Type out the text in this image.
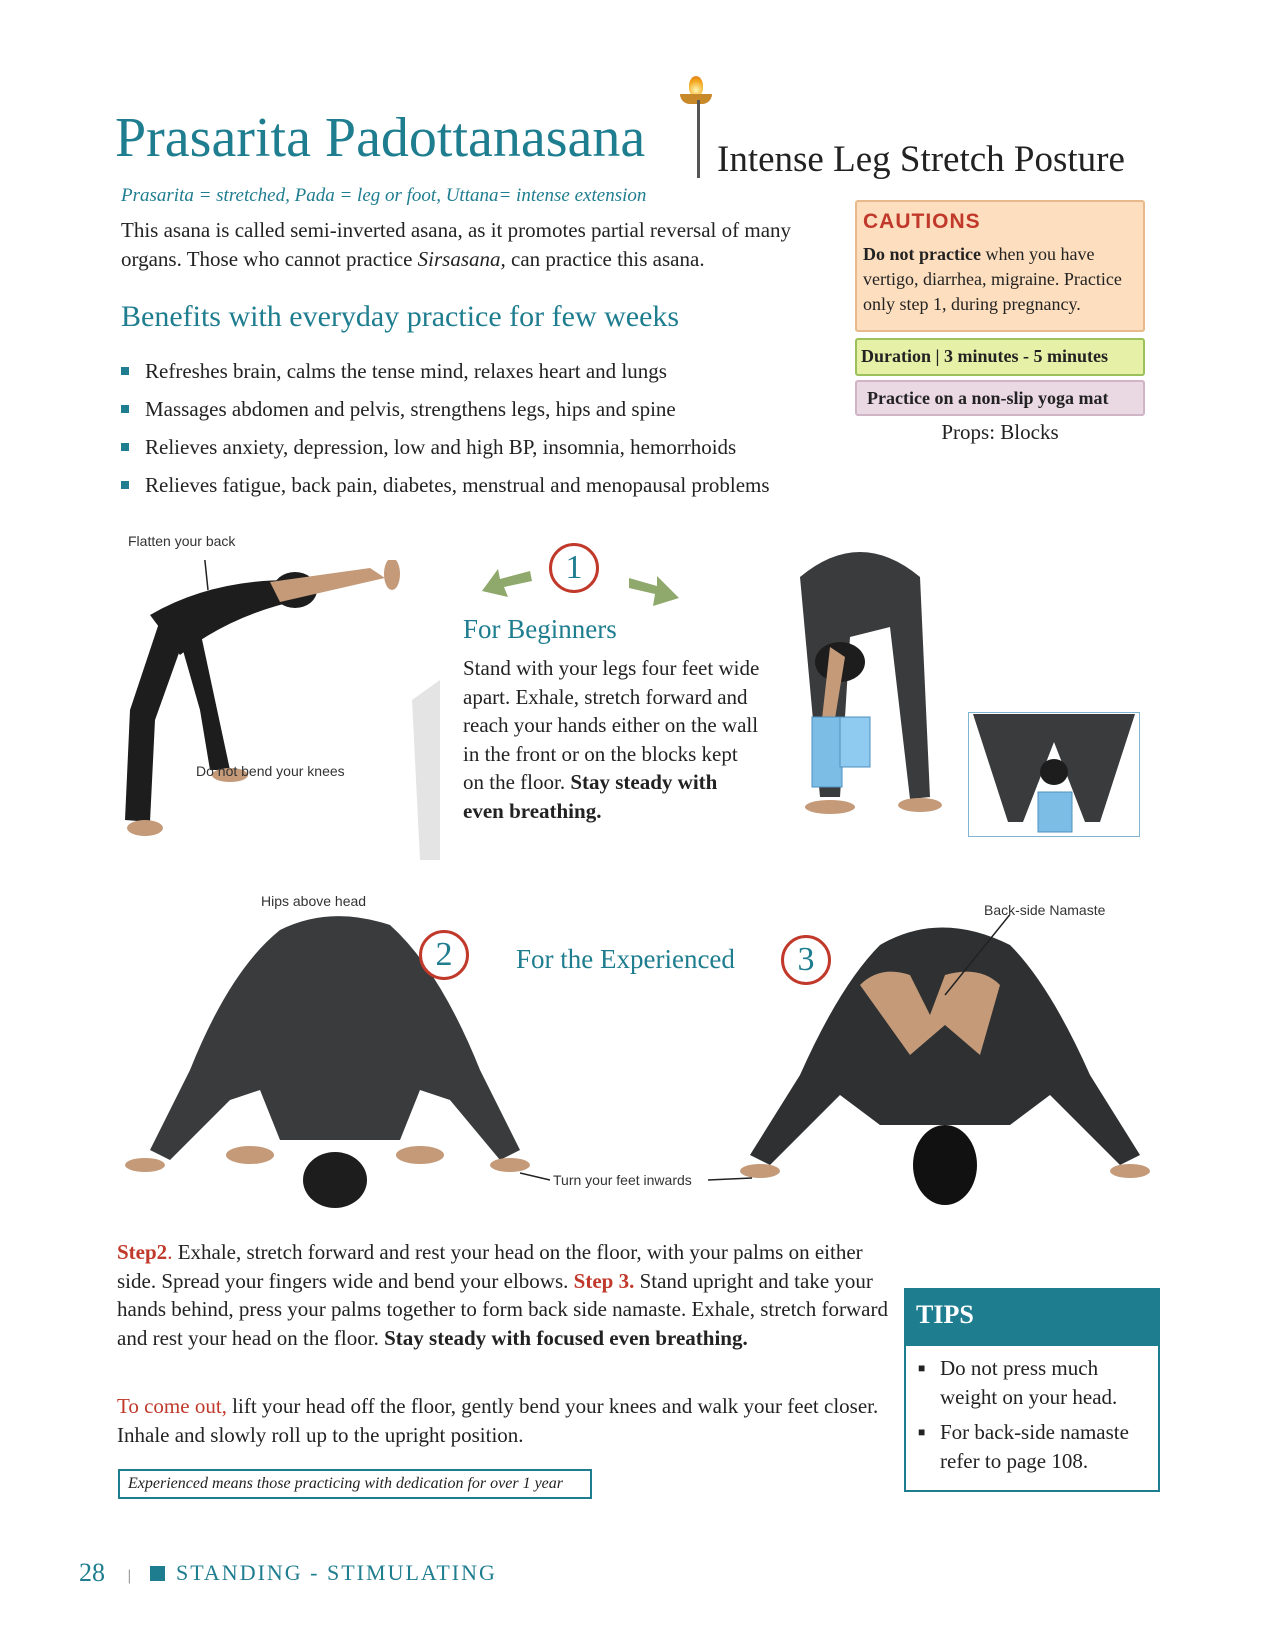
Prasarita Padottanasana Intense Leg Stretch Posture
Prasarita = stretched, Pada = leg or foot, Uttana= intense extension
This asana is called semi-inverted asana, as it promotes partial reversal of many organs. Those who cannot practice Sirsasana, can practice this asana.
Benefits with everyday practice for few weeks
Refreshes brain, calms the tense mind, relaxes heart and lungs
Massages abdomen and pelvis, strengthens legs, hips and spine
Relieves anxiety, depression, low and high BP, insomnia, hemorrhoids
Relieves fatigue, back pain, diabetes, menstrual and menopausal problems
CAUTIONS
Do not practice when you have vertigo, diarrhea, migraine. Practice only step 1, during pregnancy.
Duration | 3 minutes - 5 minutes
Practice on a non-slip yoga mat
Props: Blocks
Flatten your back
Do not bend your knees
1
For Beginners
Stand with your legs four feet wide apart. Exhale, stretch forward and reach your hands either on the wall in the front or on the blocks kept on the floor. Stay steady with even breathing.
Hips above head
2	For the Experienced	3
Back-side Namaste
Turn your feet inwards
Step2. Exhale, stretch forward and rest your head on the floor, with your palms on either side. Spread your fingers wide and bend your elbows. Step 3. Stand upright and take your hands behind, press your palms together to form back side namaste. Exhale, stretch forward and rest your head on the floor. Stay steady with focused even breathing.
To come out, lift your head off the floor, gently bend your knees and walk your feet closer. Inhale and slowly roll up to the upright position.
Experienced means those practicing with dedication for over 1 year
TIPS
■ Do not press much weight on your head.
■ For back-side namaste refer to page 108.
28 | STANDING - STIMULATING
